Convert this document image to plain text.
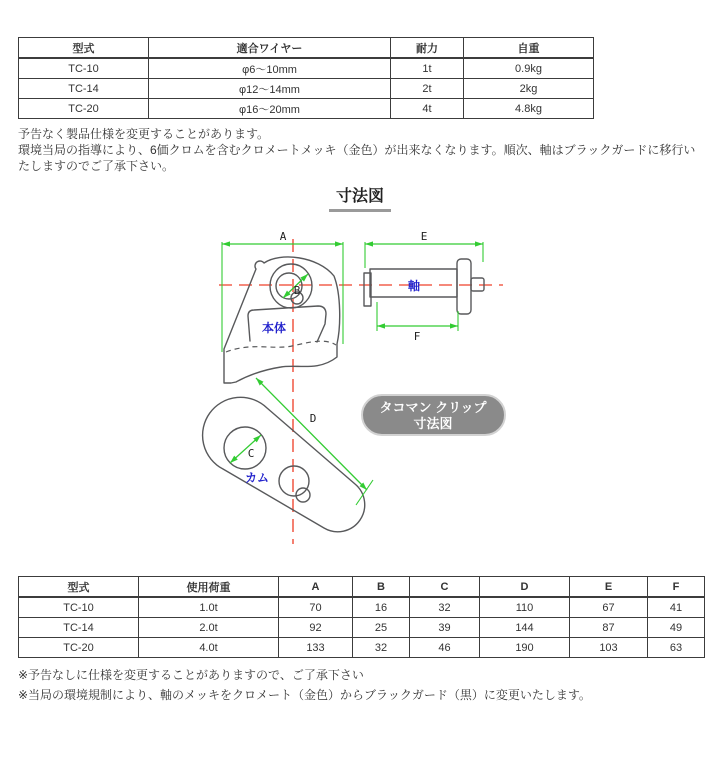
型式	適合ワイヤー	耐力	自重
TC-10	φ6～10mm	1t	0.9kg
TC-14	φ12～14mm	2t	2kg
TC-20	φ16～20mm	4t	4.8kg

予告なく製品仕様を変更することがあります。

環境当局の指導により、6価クロムを含むクロメートメッキ（金色）が出来なくなります。順次、軸はブラックガードに移行いたしますのでご了承下さい。

寸法図
A
B
C
D
E
F
本体
軸
カム
タコマン クリップ
寸法図
型式	使用荷重	A	B	C	D	E	F
TC-10	1.0t	70	16	32	110	67	41
TC-14	2.0t	92	25	39	144	87	49
TC-20	4.0t	133	32	46	190	103	63

※予告なしに仕様を変更することがありますので、ご了承下さい

※当局の環境規制により、軸のメッキをクロメート（金色）からブラックガード（黒）に変更いたします。
